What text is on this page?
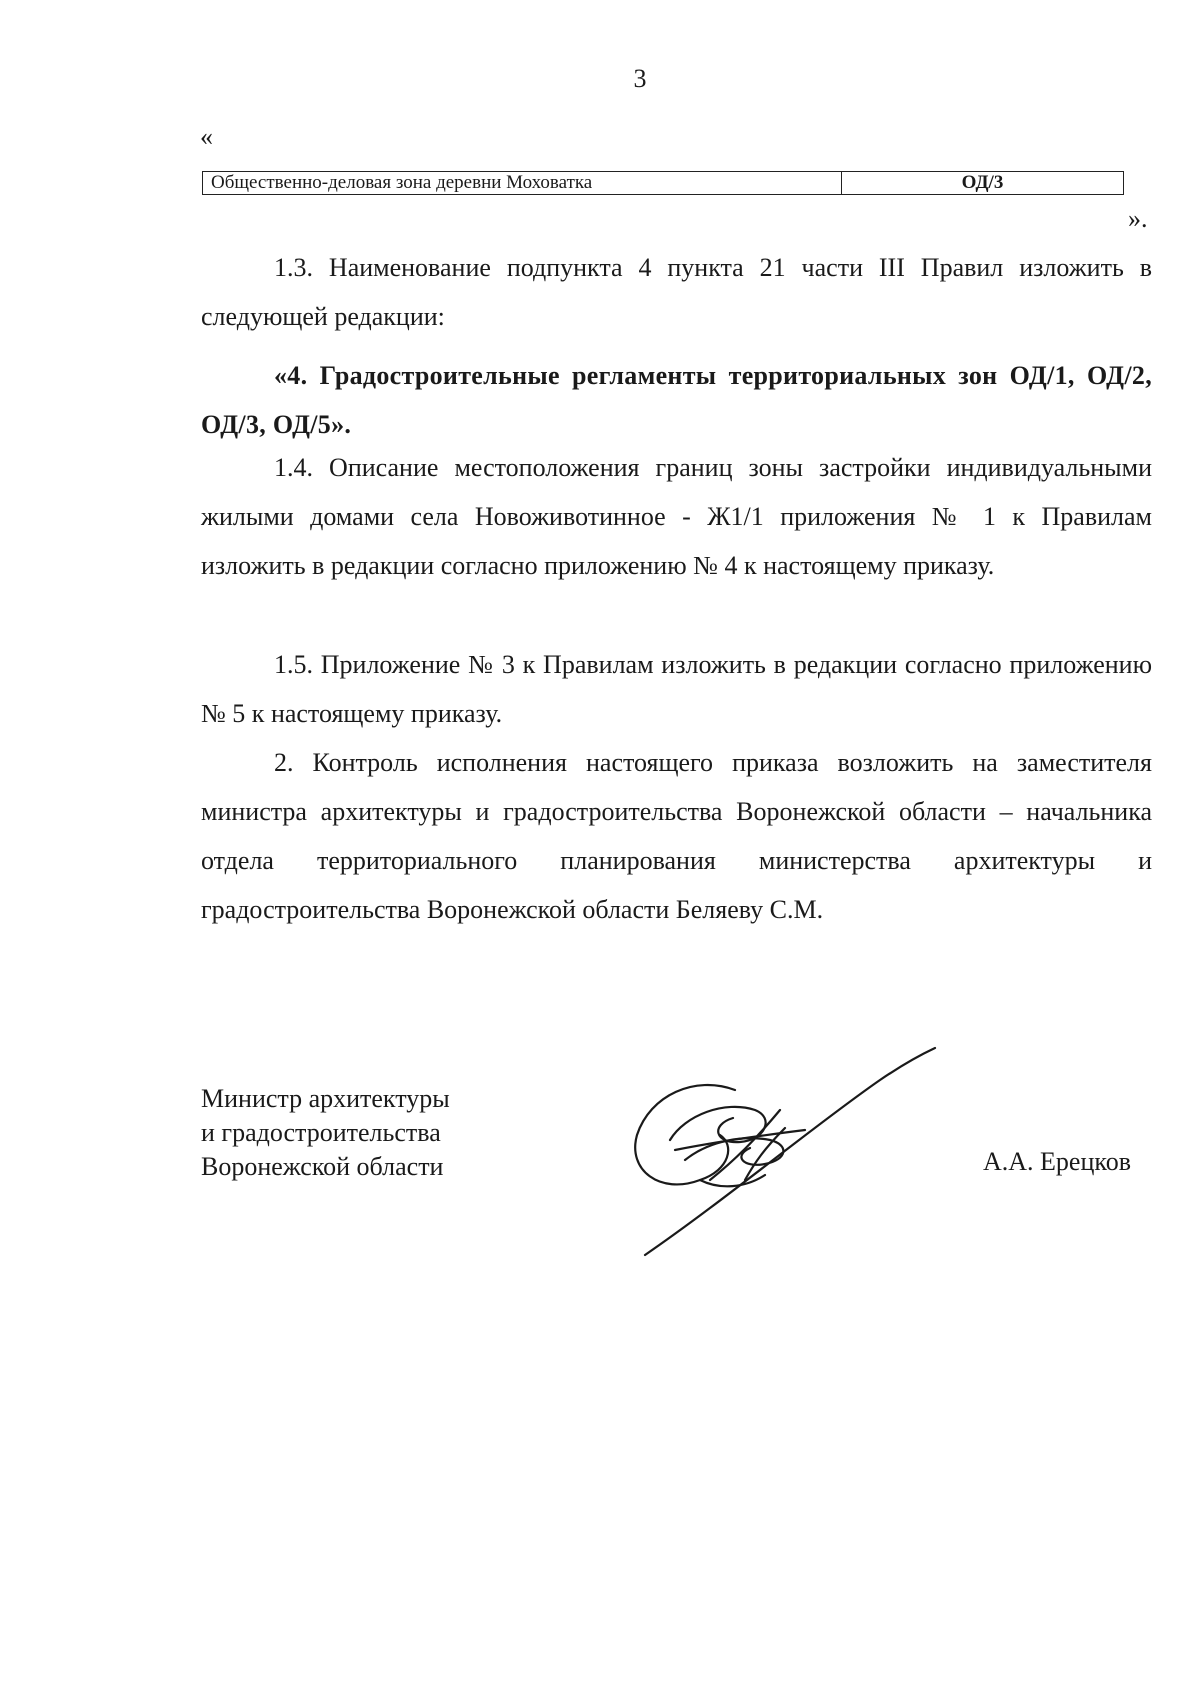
3
«
Общественно-деловая зона деревни Моховатка	ОД/3
».

1.3. Наименование подпункта 4 пункта 21 части III Правил изложить в следующей редакции:

«4. Градостроительные регламенты территориальных зон ОД/1, ОД/2, ОД/3, ОД/5».

1.4. Описание местоположения границ зоны застройки индивидуальными жилыми домами села Новоживотинное - Ж1/1 приложения № 1 к Правилам изложить в редакции согласно приложению № 4 к настоящему приказу.

1.5. Приложение № 3 к Правилам изложить в редакции согласно приложению № 5 к настоящему приказу.

2. Контроль исполнения настоящего приказа возложить на заместителя министра архитектуры и градостроительства Воронежской области – начальника отдела территориального планирования министерства архитектуры и градостроительства Воронежской области Беляеву С.М.

Министр архитектуры
и градостроительства
Воронежской области	А.А. Ерецков
